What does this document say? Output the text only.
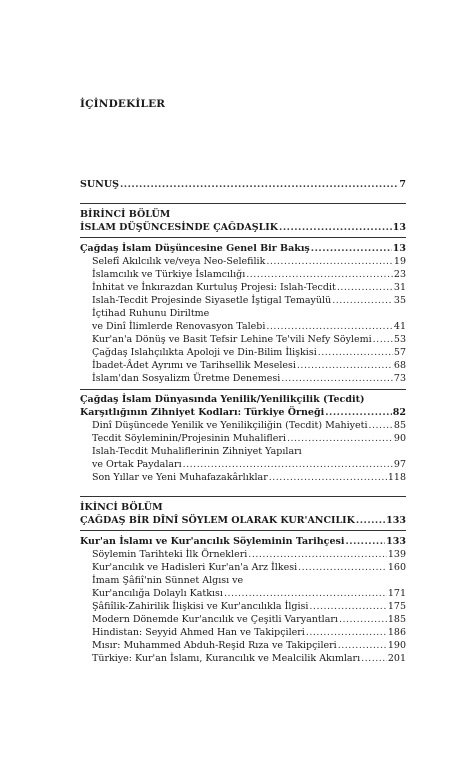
İÇİNDEKİLER
SUNUŞ .....	7
BİRİNCİ BÖLÜM
İSLAM DÜŞÜNCESİNDE ÇAĞDAŞLIK .....	13
Çağdaş İslam Düşüncesine Genel Bir Bakış .....	13
Selefî Akılcılık ve/veya Neo-Selefilik .....	19
İslamcılık ve Türkiye İslamcılığı .....	23
İnhitat ve İnkırazdan Kurtuluş Projesi: Islah-Tecdit .....	31
Islah-Tecdit Projesinde Siyasetle İştigal Temayülü .....	35
İçtihad Ruhunu Diriltme
ve Dinî İlimlerde Renovasyon Talebi .....	41
Kur'an'a Dönüş ve Basit Tefsir Lehine Te'vili Nefy Söylemi ..... 53
Çağdaş Islahçılıkta Apoloji ve Din-Bilim İlişkisi .....	57
İbadet-Âdet Ayrımı ve Tarihsellik Meselesi .....	68
İslam'dan Sosyalizm Üretme Denemesi .....	73
Çağdaş İslam Dünyasında Yenilik/Yenilikçilik (Tecdit)
Karşıtlığının Zihniyet Kodları: Türkiye Örneği .....	82
Dinî Düşüncede Yenilik ve Yenilikçiliğin (Tecdit) Mahiyeti .....	85
Tecdit Söyleminin/Projesinin Muhalifleri .....	90
Islah-Tecdit Muhaliflerinin Zihniyet Yapıları
ve Ortak Paydaları .....	97
Son Yıllar ve Yeni Muhafazakârlıklar .....	118
İKİNCİ BÖLÜM
ÇAĞDAŞ BİR DÎNÎ SÖYLEM OLARAK KUR'ANCILIK .....	133
Kur'an İslamı ve Kur'ancılık Söyleminin Tarihçesi .....	133
Söylemin Tarihteki İlk Örnekleri .....	139
Kur'ancılık ve Hadisleri Kur'an'a Arz İlkesi .....	160
İmam Şâfiî'nin Sünnet Algısı ve
Kur'ancılığa Dolaylı Katkısı .....	171
Şâfiîlik-Zahirilik İlişkisi ve Kur'ancılıkla İlgisi .....	175
Modern Dönemde Kur'ancılık ve Çeşitli Varyantları .....	185
Hindistan: Seyyid Ahmed Han ve Takipçileri .....	186
Mısır: Muhammed Abduh-Reşid Rıza ve Takipçileri .....	190
Türkiye: Kur'an İslamı, Kurancılık ve Mealcilik Akımları .....	201
